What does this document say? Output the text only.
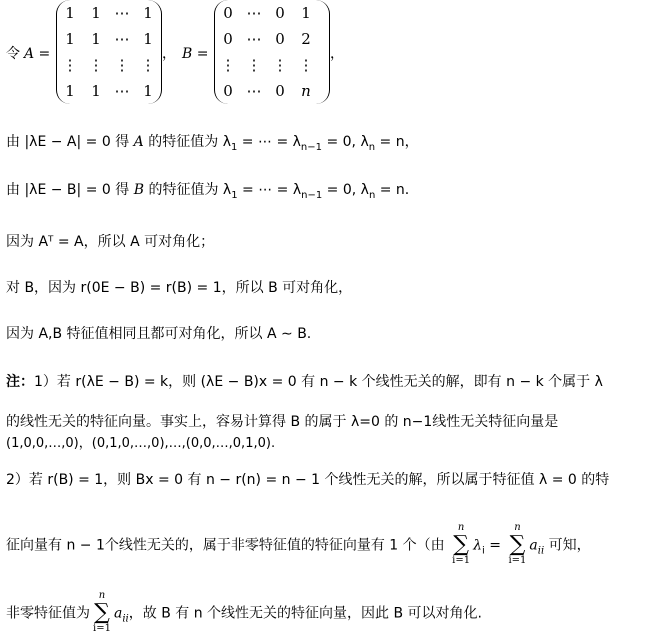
令 A =
1	1	⋯	1
1	1	⋯	1
⋮	⋮	⋮	⋮
1	1	⋯	1
， B =
0	⋯	0	1
0	⋯	0	2
⋮	⋮	⋮	⋮
0	⋯	0	n
，
由 |λE − A| = 0 得 A 的特征值为 $\lambda_1$ = ⋯ = $\lambda_{n-1} = 0$, $\lambda_n = n$，
由 |λE − B| = 0 得 B 的特征值为 $\lambda_1$ = ⋯ = $\lambda_{n-1} = 0$, $\lambda_n = n$.
因为 Aᵀ = A，所以 A 可对角化；
对 B，因为 r(0E − B) = r(B) = 1，所以 B 可对角化，
因为 A,B 特征值相同且都可对角化，所以 A ∼ B.
注：1）若 r(λE − B) = k，则 (λE − B)x = 0 有 n − k 个线性无关的解，即有 n − k 个属于 λ
的线性无关的特征向量。事实上，容易计算得 B 的属于 λ=0 的 n−1线性无关特征向量是
(1,0,0,…,0)，(0,1,0,…,0),…,(0,0,…,0,1,0).
2）若 r(B) = 1，则 Bx = 0 有 n − r(n) = n − 1 个线性无关的解，所以属于特征值 λ = 0 的特
征向量有 n − 1个线性无关的，属于非零特征值的特征向量有 1 个（由
n
∑
i=1
$\lambda_i$ =
n
∑
i=1
$a_{ii}$ 可知，
非零特征值为
n
∑
i=1
$a_{ii}$，故 B 有 n 个线性无关的特征向量，因此 B 可以对角化.
